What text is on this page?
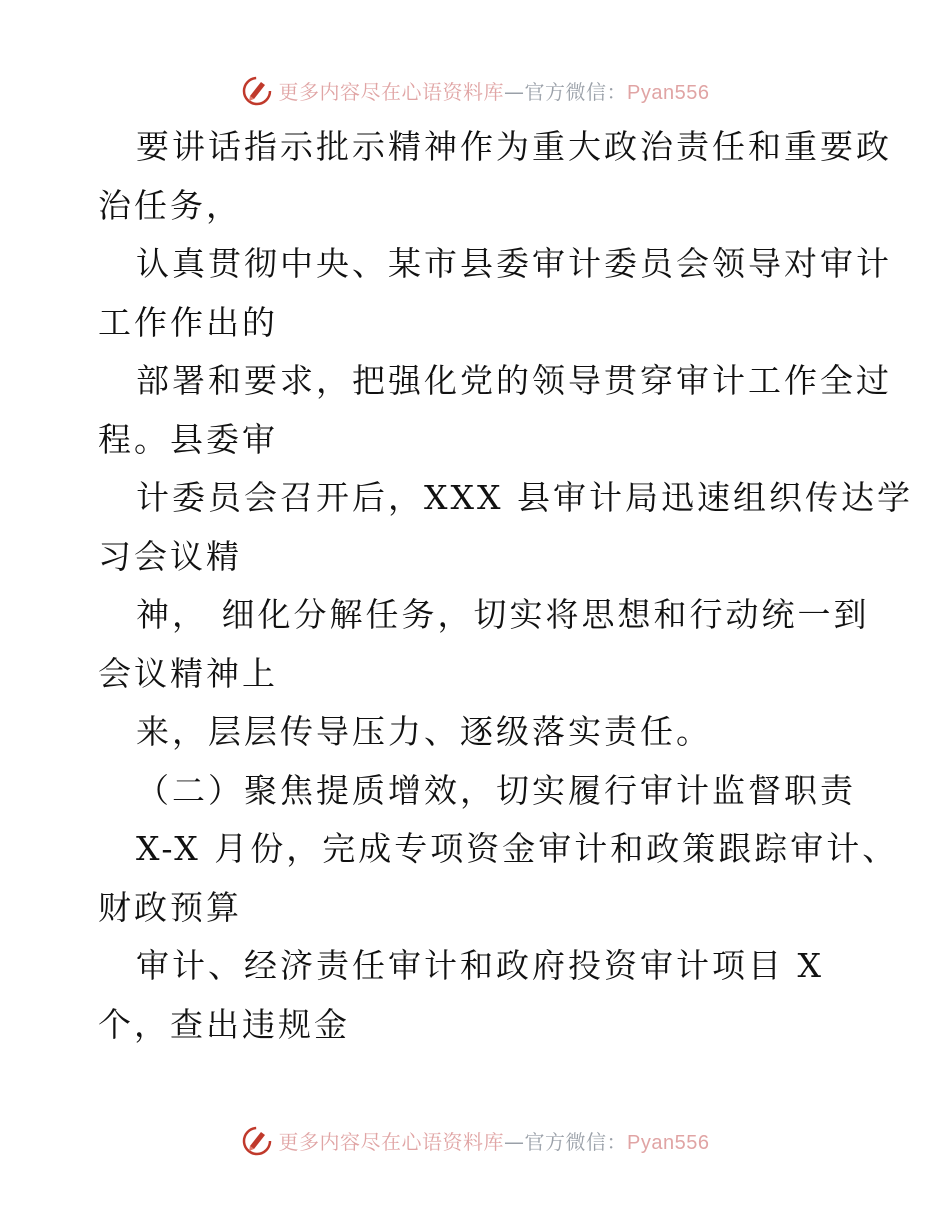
更多内容尽在心语资料库—官方微信：Pyan556
要讲话指示批示精神作为重大政治责任和重要政
治任务，
认真贯彻中央、某市县委审计委员会领导对审计
工作作出的
部署和要求，把强化党的领导贯穿审计工作全过
程。县委审
计委员会召开后，XXX 县审计局迅速组织传达学
习会议精
神， 细化分解任务，切实将思想和行动统一到
会议精神上
来，层层传导压力、逐级落实责任。
（二）聚焦提质增效，切实履行审计监督职责
X-X 月份，完成专项资金审计和政策跟踪审计、
财政预算
审计、经济责任审计和政府投资审计项目 X
个，查出违规金
更多内容尽在心语资料库—官方微信：Pyan556
